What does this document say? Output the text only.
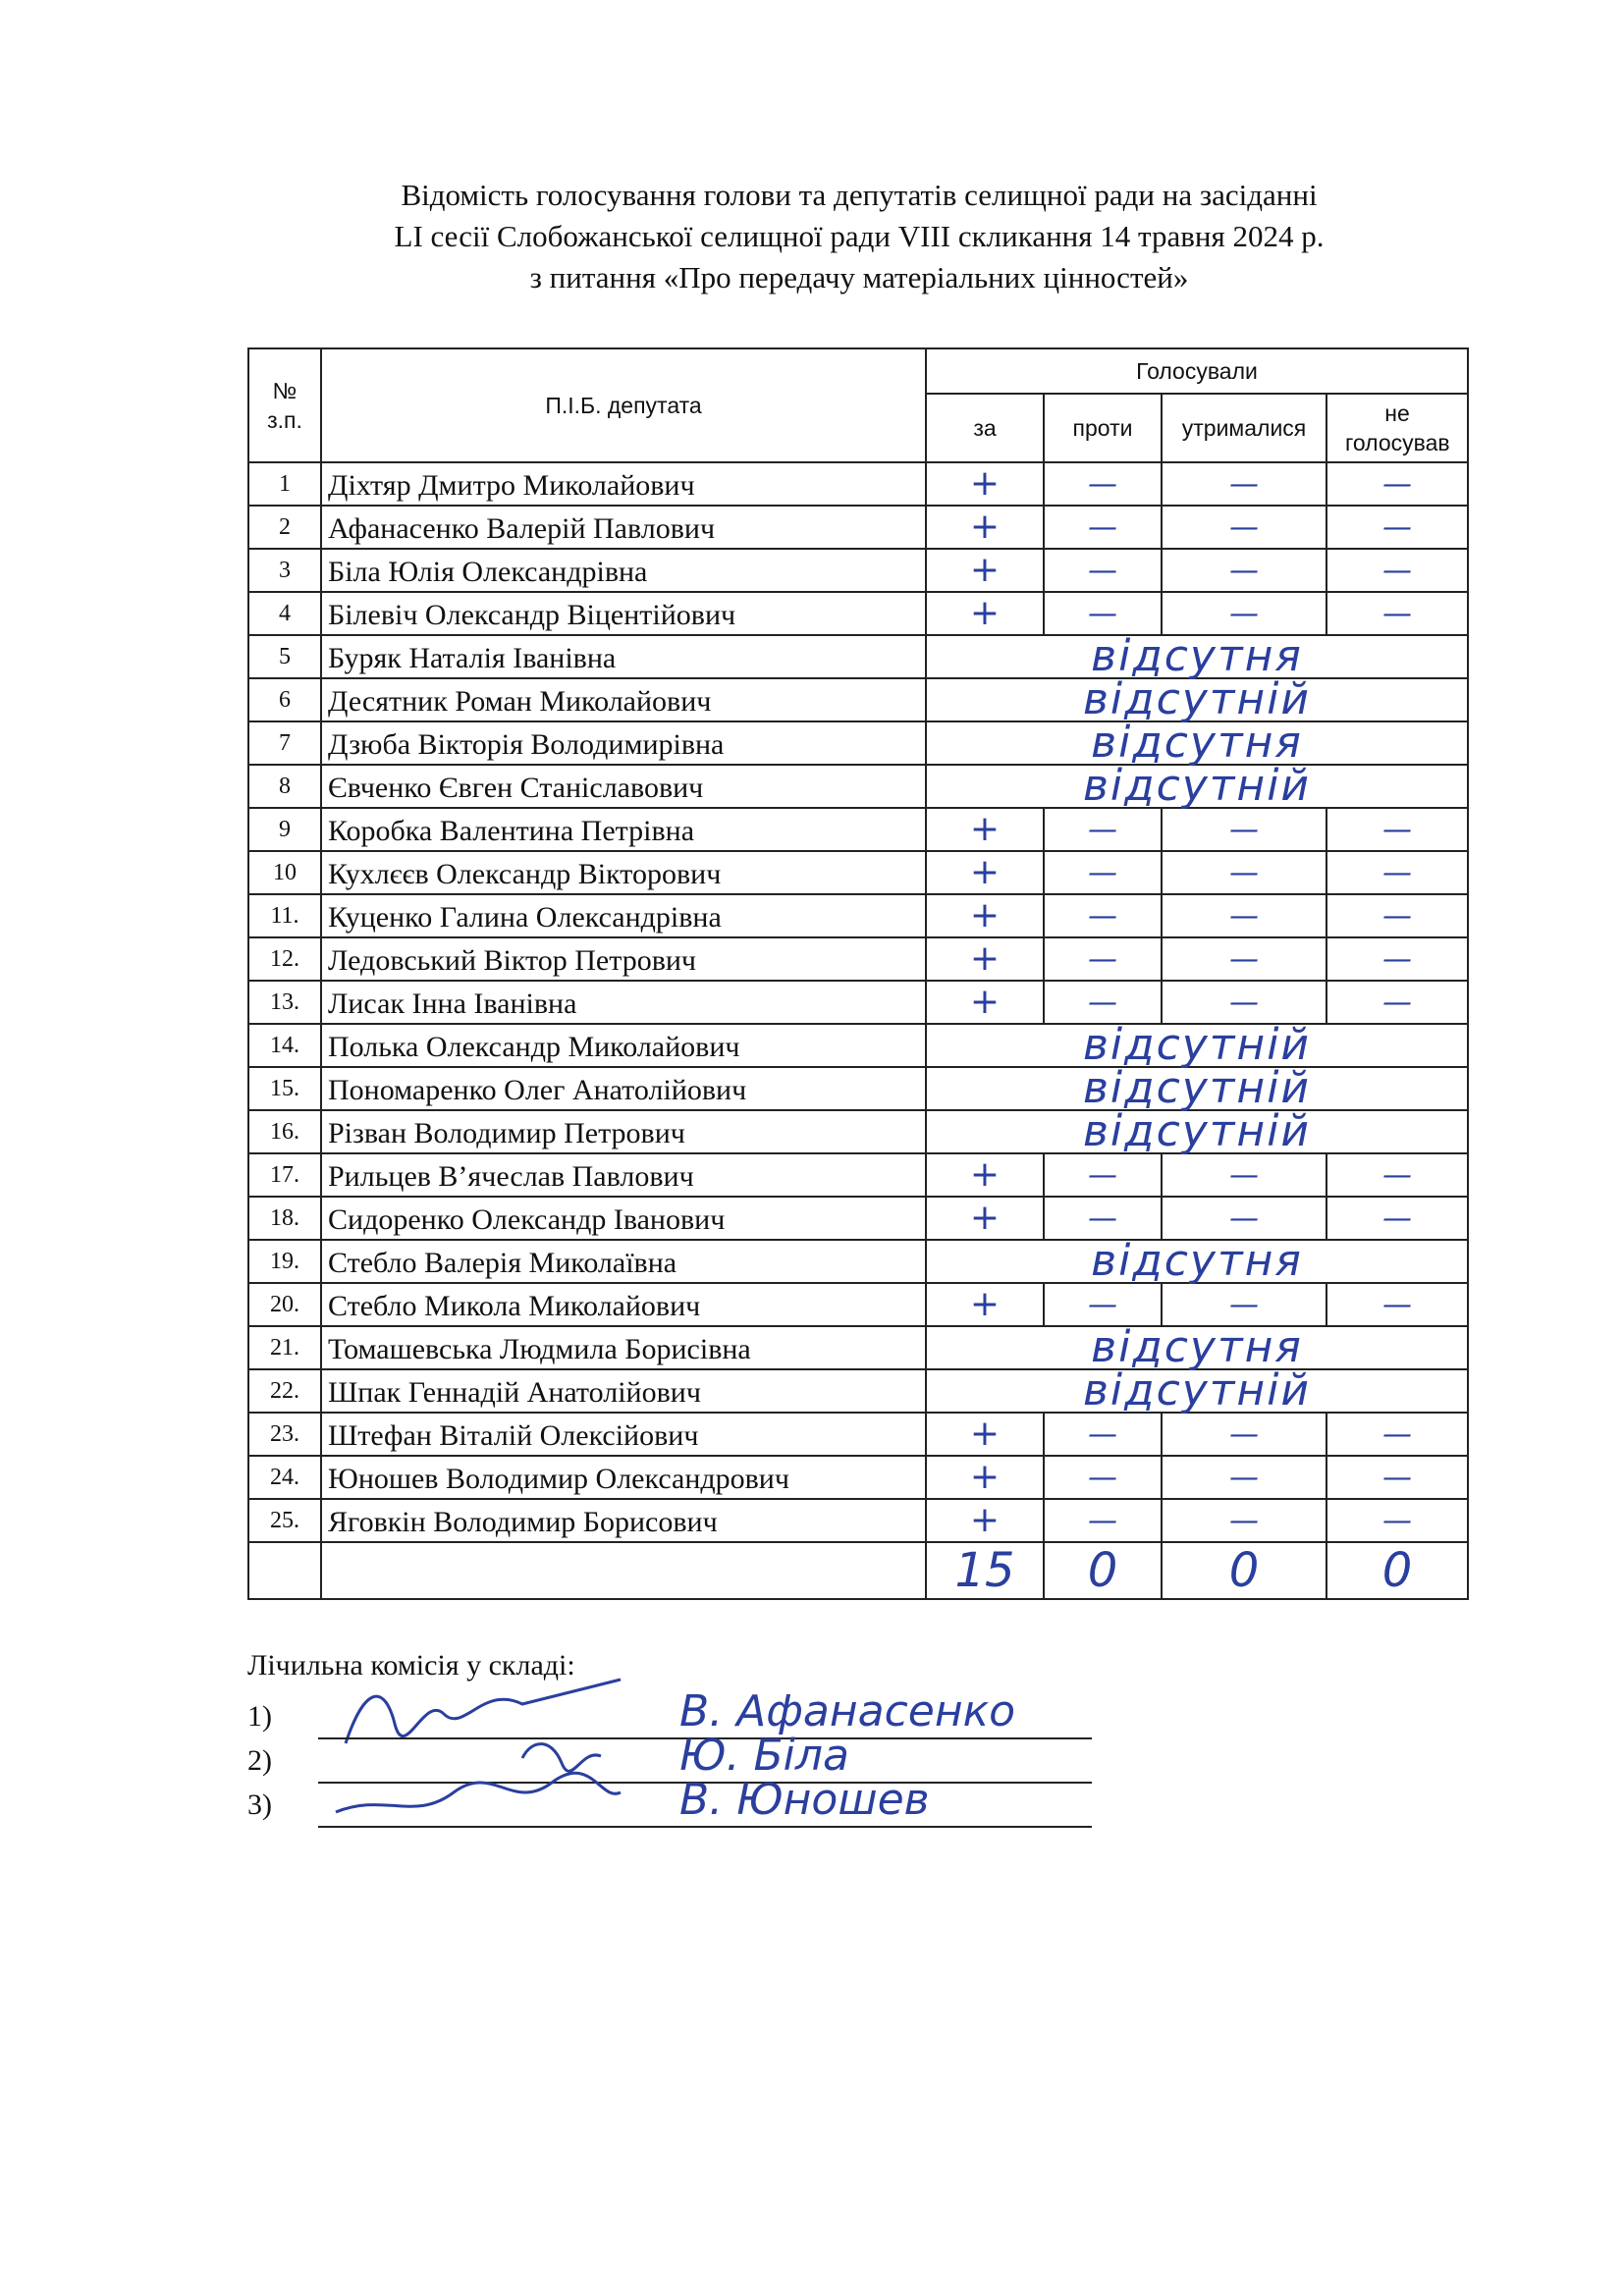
Відомість голосування голови та депутатів селищної ради на засіданні
LI сесії Слобожанської селищної ради VIII скликання 14 травня 2024 р.
з питання «Про передачу матеріальних цінностей»
№ з.п.	П.І.Б. депутата	Голосували			
		за	проти	утрималися	не голосував
1	Діхтяр Дмитро Миколайович	+	—	—	—
2	Афанасенко Валерій Павлович	+	—	—	—
3	Біла Юлія Олександрівна	+	—	—	—
4	Білевіч Олександр Віцентійович	+	—	—	—
5	Буряк Наталія Іванівна	відсутня			
6	Десятник Роман Миколайович	відсутній			
7	Дзюба Вікторія Володимирівна	відсутня			
8	Євченко Євген Станіславович	відсутній			
9	Коробка Валентина Петрівна	+	—	—	—
10	Кухлєєв Олександр Вікторович	+	—	—	—
11.	Куценко Галина Олександрівна	+	—	—	—
12.	Ледовський Віктор Петрович	+	—	—	—
13.	Лисак Інна Іванівна	+	—	—	—
14.	Полька Олександр Миколайович	відсутній			
15.	Пономаренко Олег Анатолійович	відсутній			
16.	Різван Володимир Петрович	відсутній			
17.	Рильцев В’ячеслав Павлович	+	—	—	—
18.	Сидоренко Олександр Іванович	+	—	—	—
19.	Стебло Валерія Миколаївна	відсутня			
20.	Стебло Микола Миколайович	+	—	—	—
21.	Томашевська Людмила Борисівна	відсутня			
22.	Шпак Геннадій Анатолійович	відсутній			
23.	Штефан Віталій Олексійович	+	—	—	—
24.	Юношев Володимир Олександрович	+	—	—	—
25.	Яговкін Володимир Борисович	+	—	—	—
		15	0	0	0
Лічильна комісія у складі:
1)	В. Афанасенко
2)	Ю. Біла
3)	В. Юношев
